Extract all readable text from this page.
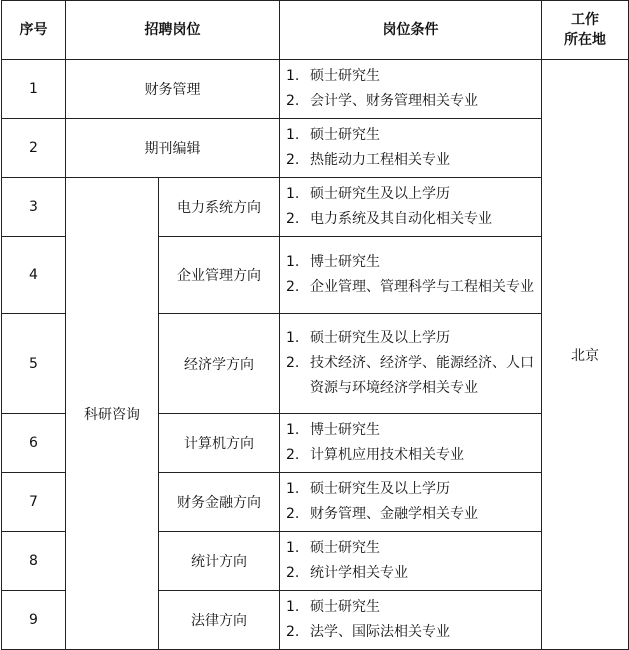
序号	招聘岗位		岗位条件	工作
所在地

1	财务管理		1. 硕士研究生
2. 会计学、财务管理相关专业	北京
2	期刊编辑		1. 硕士研究生
2. 热能动力工程相关专业	

3	科研咨询	电力系统方向	1. 硕士研究生及以上学历
2. 电力系统及其自动化相关专业	

4		企业管理方向	1. 博士研究生
2. 企业管理、管理科学与工程相关专业	

5		经济学方向	1. 硕士研究生及以上学历
2. 技术经济、经济学、能源经济、人口资源与环境经济学相关专业	

6		计算机方向	1. 博士研究生
2. 计算机应用技术相关专业	

7		财务金融方向	1. 硕士研究生及以上学历
2. 财务管理、金融学相关专业	

8		统计方向	1. 硕士研究生
2. 统计学相关专业	

9		法律方向	1. 硕士研究生
2. 法学、国际法相关专业	
